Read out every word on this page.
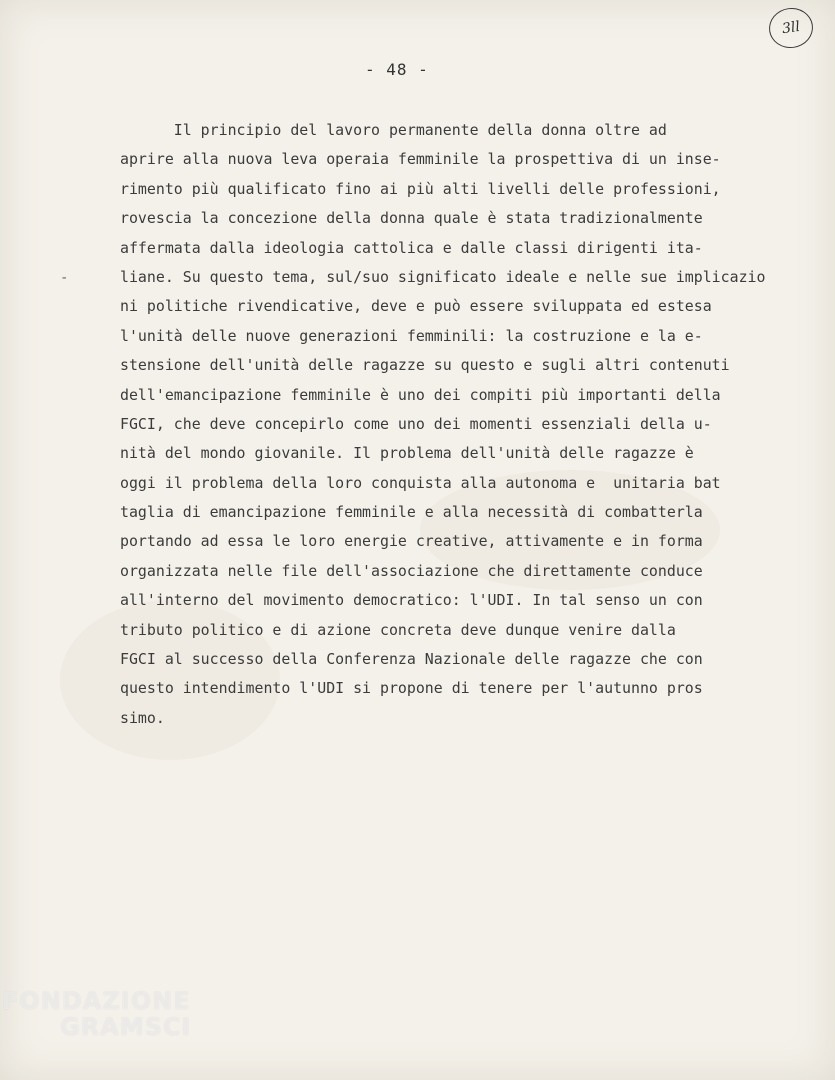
- 48 -
3ll
-
Il principio del lavoro permanente della donna oltre ad
aprire alla nuova leva operaia femminile la prospettiva di un inse-
rimento più qualificato fino ai più alti livelli delle professioni,
rovescia la concezione della donna quale è stata tradizionalmente
affermata dalla ideologia cattolica e dalle classi dirigenti ita-
liane. Su questo tema, sul/suo significato ideale e nelle sue implicazio
ni politiche rivendicative, deve e può essere sviluppata ed estesa
l'unità delle nuove generazioni femminili: la costruzione e la e-
stensione dell'unità delle ragazze su questo e sugli altri contenuti
dell'emancipazione femminile è uno dei compiti più importanti della
FGCI, che deve concepirlo come uno dei momenti essenziali della u-
nità del mondo giovanile. Il problema dell'unità delle ragazze è
oggi il problema della loro conquista alla autonoma e  unitaria bat
taglia di emancipazione femminile e alla necessità di combatterla
portando ad essa le loro energie creative, attivamente e in forma
organizzata nelle file dell'associazione che direttamente conduce
all'interno del movimento democratico: l'UDI. In tal senso un con
tributo politico e di azione concreta deve dunque venire dalla
FGCI al successo della Conferenza Nazionale delle ragazze che con
questo intendimento l'UDI si propone di tenere per l'autunno pros
simo.
FONDAZIONE
GRAMSCI
